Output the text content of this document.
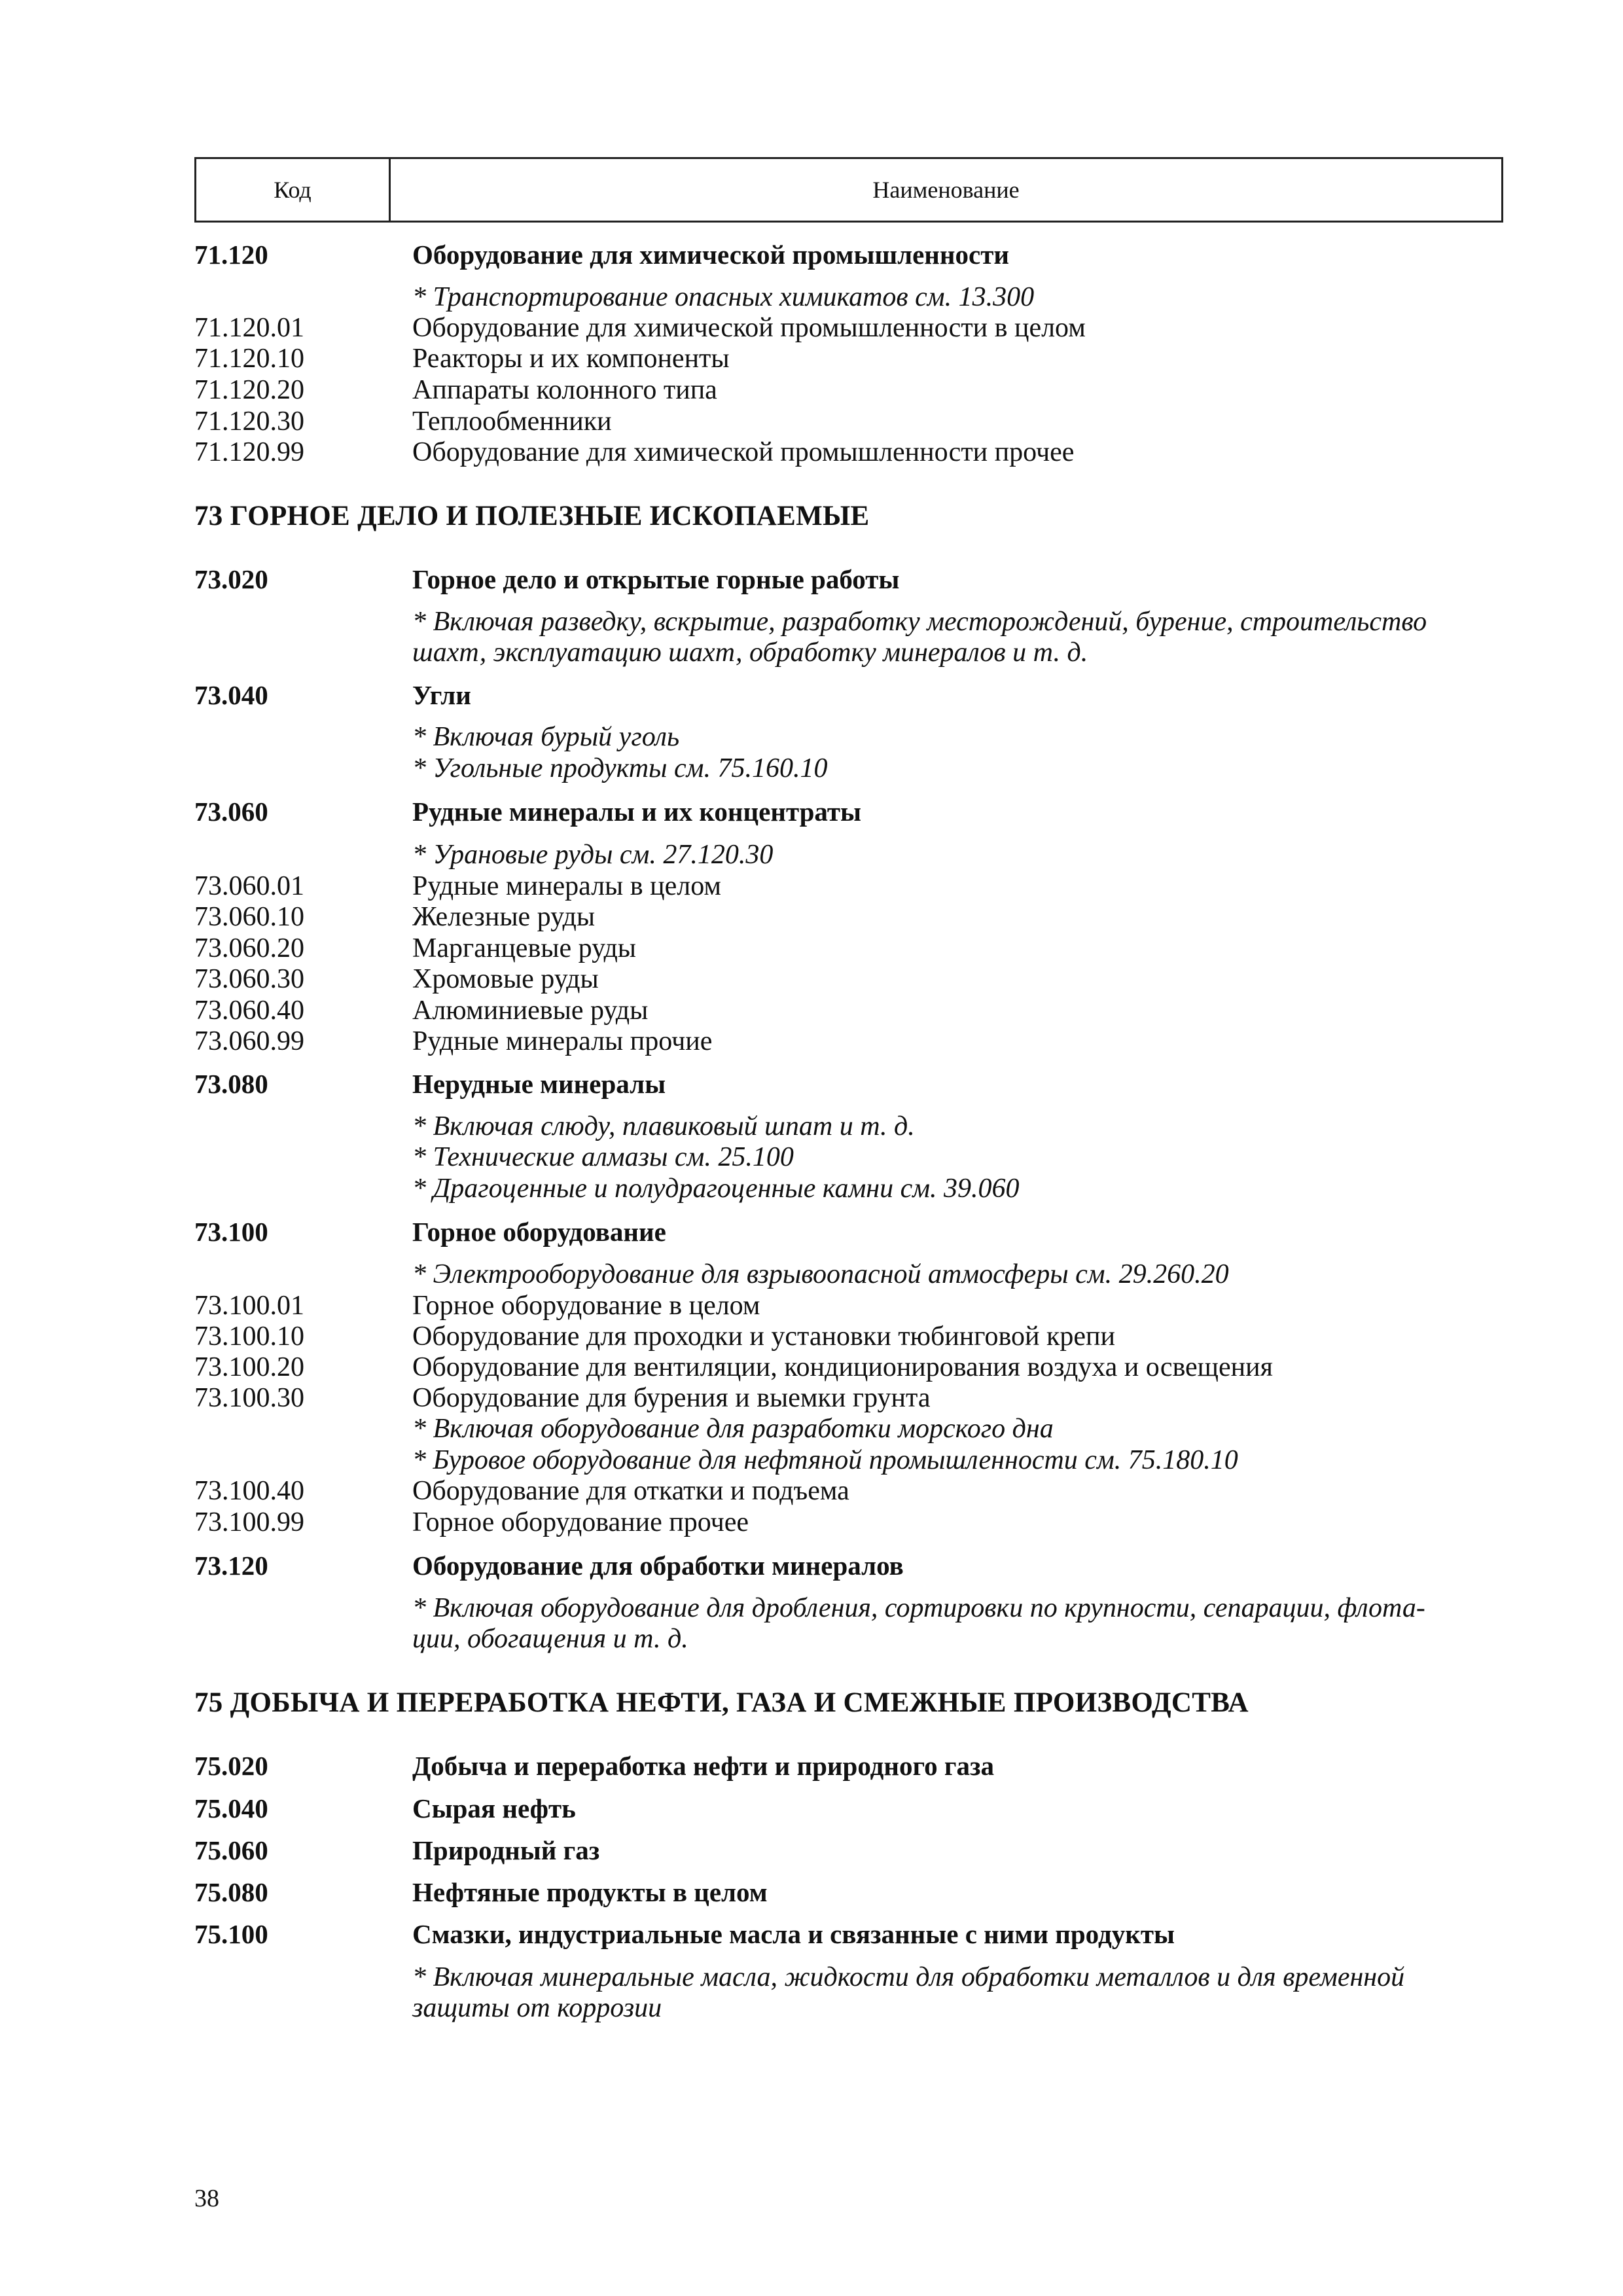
Код	Наименование
71.120	Оборудование для химической промышленности
* Транспортирование опасных химикатов см. 13.300
71.120.01	Оборудование для химической промышленности в целом
71.120.10	Реакторы и их компоненты
71.120.20	Аппараты колонного типа
71.120.30	Теплообменники
71.120.99	Оборудование для химической промышленности прочее
73 ГОРНОЕ ДЕЛО И ПОЛЕЗНЫЕ ИСКОПАЕМЫЕ
73.020	Горное дело и открытые горные работы
* Включая разведку, вскрытие, разработку месторождений, бурение, строительство
шахт, эксплуатацию шахт, обработку минералов и т. д.
73.040	Угли
* Включая бурый уголь
* Угольные продукты см. 75.160.10
73.060	Рудные минералы и их концентраты
* Урановые руды см. 27.120.30
73.060.01	Рудные минералы в целом
73.060.10	Железные руды
73.060.20	Марганцевые руды
73.060.30	Хромовые руды
73.060.40	Алюминиевые руды
73.060.99	Рудные минералы прочие
73.080	Нерудные минералы
* Включая слюду, плавиковый шпат и т. д.
* Технические алмазы см. 25.100
* Драгоценные и полудрагоценные камни см. 39.060
73.100	Горное оборудование
* Электрооборудование для взрывоопасной атмосферы см. 29.260.20
73.100.01	Горное оборудование в целом
73.100.10	Оборудование для проходки и установки тюбинговой крепи
73.100.20	Оборудование для вентиляции, кондиционирования воздуха и освещения
73.100.30	Оборудование для бурения и выемки грунта
* Включая оборудование для разработки морского дна
* Буровое оборудование для нефтяной промышленности см. 75.180.10
73.100.40	Оборудование для откатки и подъема
73.100.99	Горное оборудование прочее
73.120	Оборудование для обработки минералов
* Включая оборудование для дробления, сортировки по крупности, сепарации, флота-
ции, обогащения и т. д.
75 ДОБЫЧА И ПЕРЕРАБОТКА НЕФТИ, ГАЗА И СМЕЖНЫЕ ПРОИЗВОДСТВА
75.020	Добыча и переработка нефти и природного газа
75.040	Сырая нефть
75.060	Природный газ
75.080	Нефтяные продукты в целом
75.100	Смазки, индустриальные масла и связанные с ними продукты
* Включая минеральные масла, жидкости для обработки металлов и для временной
защиты от коррозии
38
